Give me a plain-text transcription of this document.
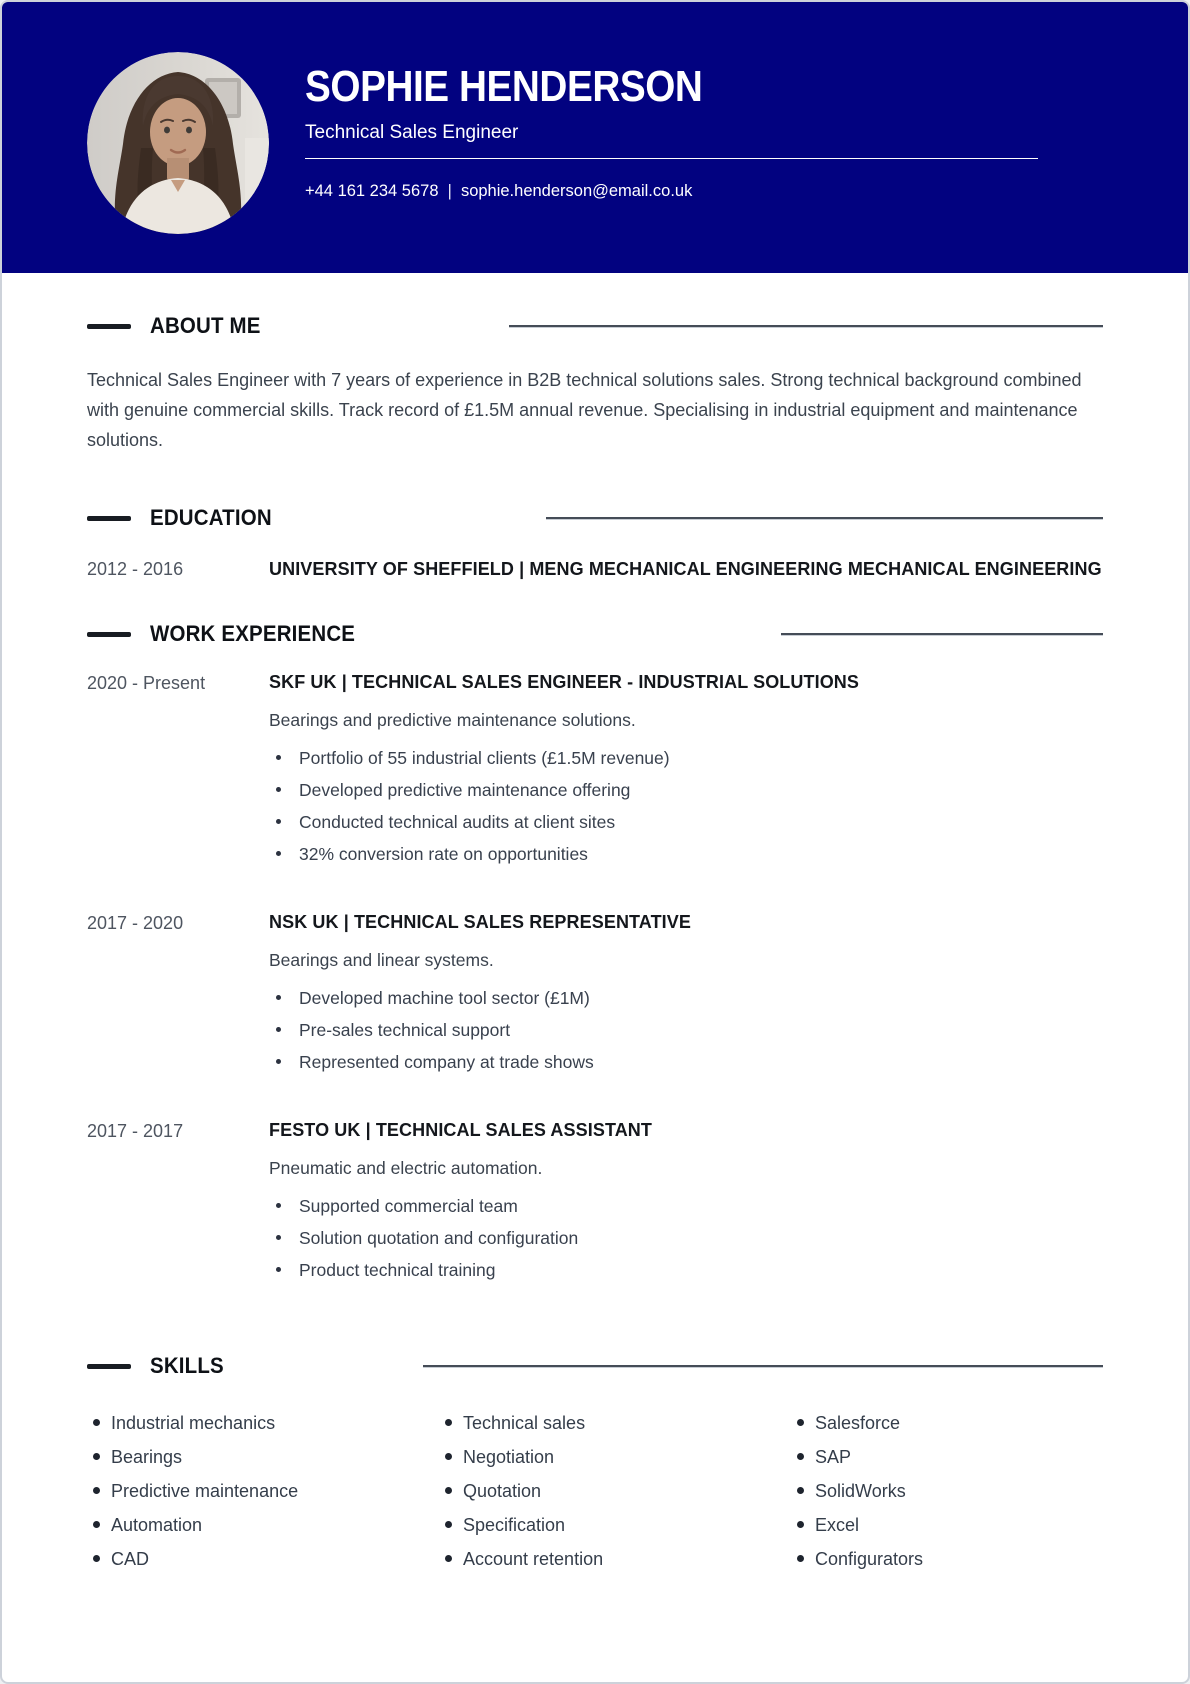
SOPHIE HENDERSON
Technical Sales Engineer
+44 161 234 5678 | sophie.henderson@email.co.uk
ABOUT ME

Technical Sales Engineer with 7 years of experience in B2B technical solutions sales. Strong technical background combined with genuine commercial skills. Track record of £1.5M annual revenue. Specialising in industrial equipment and maintenance solutions.

EDUCATION
2012 - 2016	UNIVERSITY OF SHEFFIELD | MENG MECHANICAL ENGINEERING MECHANICAL ENGINEERING
WORK EXPERIENCE
2020 - Present	SKF UK | TECHNICAL SALES ENGINEER - INDUSTRIAL SOLUTIONS

Bearings and predictive maintenance solutions.

Portfolio of 55 industrial clients (£1.5M revenue)
Developed predictive maintenance offering
Conducted technical audits at client sites
32% conversion rate on opportunities
2017 - 2020	NSK UK | TECHNICAL SALES REPRESENTATIVE

Bearings and linear systems.

Developed machine tool sector (£1M)
Pre-sales technical support
Represented company at trade shows
2017 - 2017	FESTO UK | TECHNICAL SALES ASSISTANT

Pneumatic and electric automation.

Supported commercial team
Solution quotation and configuration
Product technical training
SKILLS
Industrial mechanics
Bearings
Predictive maintenance
Automation
CAD
Technical sales
Negotiation
Quotation
Specification
Account retention
Salesforce
SAP
SolidWorks
Excel
Configurators
